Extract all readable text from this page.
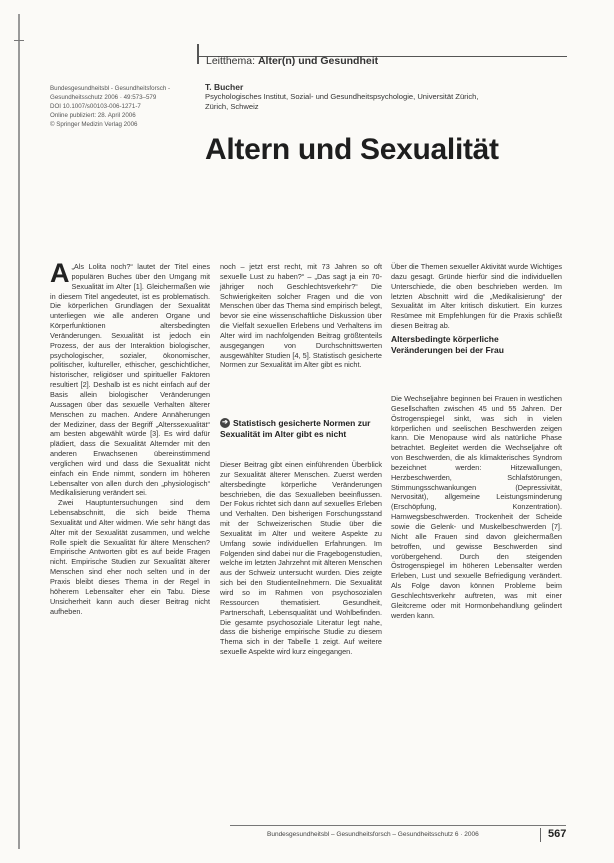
Leitthema: Alter(n) und Gesundheit
Bundesgesundheitsbl - Gesundheitsforsch -
Gesundheitsschutz 2006 · 49:573–579
DOI 10.1007/s00103-006-1271-7
Online publiziert: 28. April 2006
© Springer Medizin Verlag 2006
T. Bucher
Psychologisches Institut, Sozial- und Gesundheitspsychologie, Universität Zürich,
Zürich, Schweiz
Altern und Sexualität

A „Als Lolita noch?“ lautet der Titel eines populären Buches über den Umgang mit Sexualität im Alter [1]. Gleichermaßen wie in diesem Titel angedeutet, ist es problematisch. Die körperlichen Grundlagen der Sexualität unterliegen wie alle anderen Organe und Körperfunktionen altersbedingten Veränderungen. Sexualität ist jedoch ein Prozess, der aus der Interaktion biologischer, psychologischer, sozialer, ökonomischer, politischer, kultureller, ethischer, geschichtlicher, historischer, religiöser und spiritueller Faktoren resultiert [2]. Deshalb ist es nicht einfach auf der Basis allein biologischer Veränderungen Aussagen über das sexuelle Verhalten älterer Menschen zu machen. Andere Annäherungen der Mediziner, dass der Begriff „Alterssexualität“ am besten abgewählt würde [3]. Es wird dafür plädiert, dass die Sexualität Alternder mit den anderen Erwachsenen übereinstimmend verglichen wird und dass die Sexualität nicht einfach ein Ende nimmt, sondern im höheren Lebensalter von allen durch den „physiologisch“ Medikalisierung verändert sei.

Zwei Hauptuntersuchungen sind dem Lebensabschnitt, die sich beide Thema Sexualität und Alter widmen. Wie sehr hängt das Alter mit der Sexualität zusammen, und welche Rolle spielt die Sexualität für ältere Menschen? Empirische Antworten gibt es auf beide Fragen nicht. Empirische Studien zur Sexualität älterer Menschen sind eher noch selten und in der Praxis bleibt dieses Thema in der Regel in höherem Lebensalter eher ein Tabu. Diese Unsicherheit kann auch dieser Beitrag nicht aufheben.

noch – jetzt erst recht, mit 73 Jahren so oft sexuelle Lust zu haben?“ – „Das sagt ja ein 70-jähriger noch Geschlechtsverkehr?“ Die Schwierigkeiten solcher Fragen und die von Menschen über das Thema sind empirisch belegt, bevor sie eine wissenschaftliche Diskussion über die Vielfalt sexuellen Erlebens und Verhaltens im Alter wird im nachfolgenden Beitrag größtenteils ausgegangen von Durchschnittswerten ausgewählter Studien [4, 5]. Statistisch gesicherte Normen zur Sexualität im Alter gibt es nicht.

➔ Statistisch gesicherte Normen zur Sexualität im Alter gibt es nicht

Dieser Beitrag gibt einen einführenden Überblick zur Sexualität älterer Menschen. Zuerst werden altersbedingte körperliche Veränderungen beschrieben, die das Sexualleben beeinflussen. Der Fokus richtet sich dann auf sexuelles Erleben und Verhalten. Den bisherigen Forschungsstand mit der Schweizerischen Studie über die Sexualität im Alter und weitere Aspekte zu Umfang sowie individuellen Erfahrungen. Im Folgenden sind dabei nur die Fragebogenstudien, welche im letzten Jahrzehnt mit älteren Menschen aus der Schweiz untersucht wurden. Dies zeigte sich bei den Studienteilnehmern. Die Sexualität wird so im Rahmen von psychosozialen Ressourcen thematisiert. Gesundheit, Partnerschaft, Lebensqualität und Wohlbefinden. Die gesamte psychosoziale Literatur legt nahe, dass die bisherige empirische Studie zu diesem Thema sich in der Tabelle 1 zeigt. Auf weitere sexuelle Aspekte wird kurz eingegangen.

Über die Themen sexueller Aktivität wurde Wichtiges dazu gesagt. Gründe hierfür sind die individuellen Unterschiede, die oben beschrieben werden. Im letzten Abschnitt wird die „Medikalisierung“ der Sexualität im Alter kritisch diskutiert. Ein kurzes Resümee mit Empfehlungen für die Praxis schließt diesen Beitrag ab.

Altersbedingte körperliche Veränderungen bei der Frau

Die Wechseljahre beginnen bei Frauen in westlichen Gesellschaften zwischen 45 und 55 Jahren. Der Östrogenspiegel sinkt, was sich in vielen körperlichen und seelischen Beschwerden zeigen kann. Die Menopause wird als natürliche Phase betrachtet. Begleitet werden die Wechseljahre oft von Beschwerden, die als klimakterisches Syndrom bezeichnet werden: Hitzewallungen, Herzbeschwerden, Schlafstörungen, Stimmungsschwankungen (Depressivität, Nervosität), allgemeine Leistungsminderung (Erschöpfung, Konzentration). Harnwegsbeschwerden. Trockenheit der Scheide sowie die Gelenk- und Muskelbeschwerden [7]. Nicht alle Frauen sind davon gleichermaßen betroffen, und gewisse Beschwerden sind vorübergehend. Durch den steigenden Östrogenspiegel im höheren Lebensalter werden Erleben, Lust und sexuelle Befriedigung verändert. Als Folge davon können Probleme beim Geschlechtsverkehr auftreten, was mit einer Gleitcreme oder mit Hormonbehandlung gelindert werden kann.

Bundesgesundheitsbl – Gesundheitsforsch – Gesundheitsschutz 6 · 2006	567
